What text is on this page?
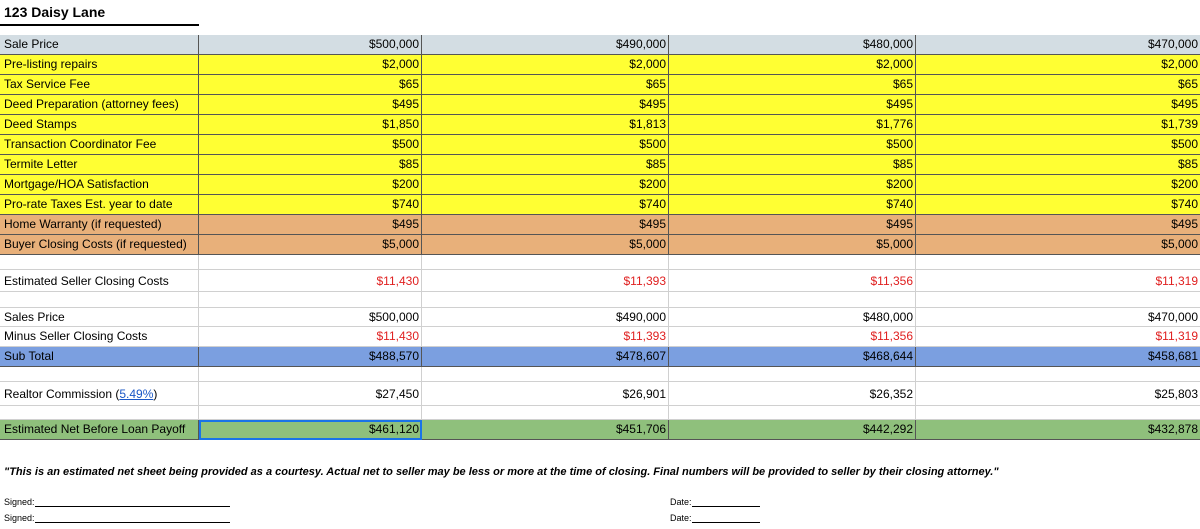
123 Daisy Lane
Sale Price	$500,000	$490,000	$480,000	$470,000
Pre-listing repairs	$2,000	$2,000	$2,000	$2,000
Tax Service Fee	$65	$65	$65	$65
Deed Preparation (attorney fees)	$495	$495	$495	$495
Deed Stamps	$1,850	$1,813	$1,776	$1,739
Transaction Coordinator Fee	$500	$500	$500	$500
Termite Letter	$85	$85	$85	$85
Mortgage/HOA Satisfaction	$200	$200	$200	$200
Pro-rate Taxes Est. year to date	$740	$740	$740	$740
Home Warranty (if requested)	$495	$495	$495	$495
Buyer Closing Costs (if requested)	$5,000	$5,000	$5,000	$5,000
Estimated Seller Closing Costs	$11,430	$11,393	$11,356	$11,319
Sales Price	$500,000	$490,000	$480,000	$470,000
Minus Seller Closing Costs	$11,430	$11,393	$11,356	$11,319
Sub Total	$488,570	$478,607	$468,644	$458,681
Realtor Commission (5.49%)	$27,450	$26,901	$26,352	$25,803
Estimated Net Before Loan Payoff	$461,120	$451,706	$442,292	$432,878
"This is an estimated net sheet being provided as a courtesy. Actual net to seller may be less or more at the time of closing. Final numbers will be provided to seller by their closing attorney."
Signed:
Signed:
Date:
Date:
